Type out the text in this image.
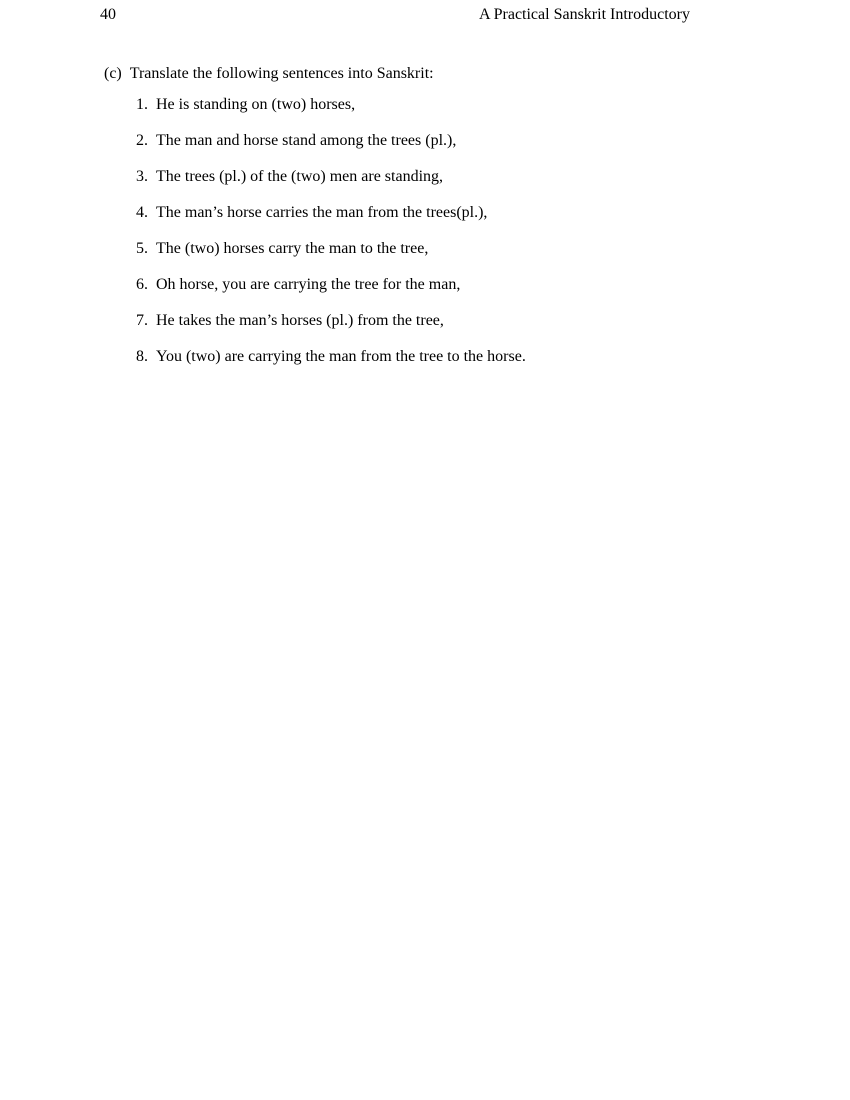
40	A Practical Sanskrit Introductory
(c) Translate the following sentences into Sanskrit:
1. He is standing on (two) horses,
2. The man and horse stand among the trees (pl.),
3. The trees (pl.) of the (two) men are standing,
4. The man’s horse carries the man from the trees(pl.),
5. The (two) horses carry the man to the tree,
6. Oh horse, you are carrying the tree for the man,
7. He takes the man’s horses (pl.) from the tree,
8. You (two) are carrying the man from the tree to the horse.
